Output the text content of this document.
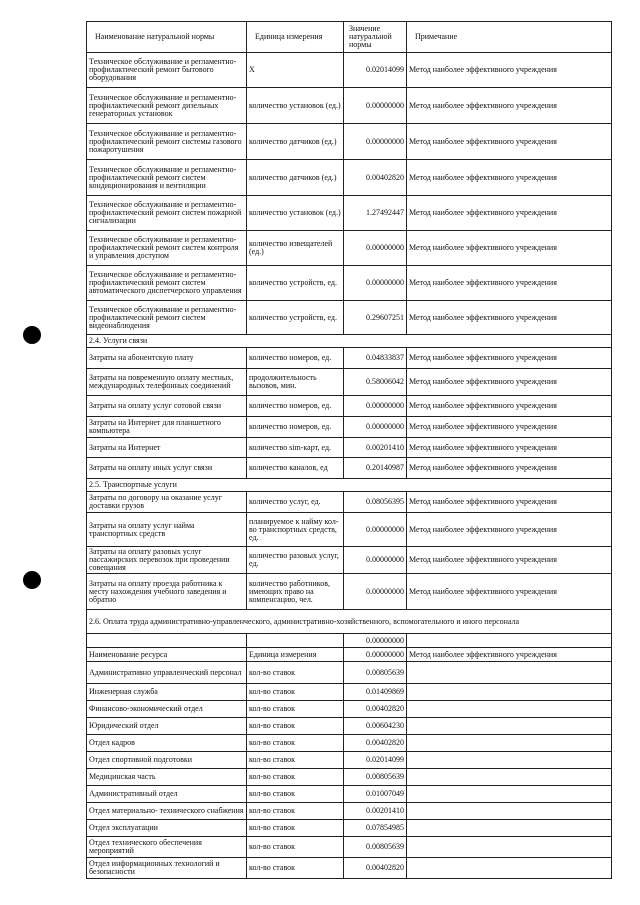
Наименование натуральной нормы	Единица измерения	Значение натуральной нормы	Примечание
Техническое обслуживание и регламентно-профилактический ремонт бытового оборудования	Х	0.02014099	Метод наиболее эффективного учреждения
Техническое обслуживание и регламентно-профилактический ремонт дизельных генераторных установок	количество установок (ед.)	0.00000000	Метод наиболее эффективного учреждения
Техническое обслуживание и регламентно-профилактический ремонт системы газового пожаротушения	количество датчиков (ед.)	0.00000000	Метод наиболее эффективного учреждения
Техническое обслуживание и регламентно-профилактический ремонт систем кондиционирования и вентиляции	количество датчиков (ед.)	0.00402820	Метод наиболее эффективного учреждения
Техническое обслуживание и регламентно-профилактический ремонт систем пожарной сигнализации	количество установок (ед.)	1.27492447	Метод наиболее эффективного учреждения
Техническое обслуживание и регламентно-профилактический ремонт систем контроля и управления доступом	количество извещателей (ед.)	0.00000000	Метод наиболее эффективного учреждения
Техническое обслуживание и регламентно-профилактический ремонт систем автоматического диспетчерского управления	количество устройств, ед.	0.00000000	Метод наиболее эффективного учреждения
Техническое обслуживание и регламентно-профилактический ремонт систем видеонаблюдения	количество устройств, ед.	0.29607251	Метод наиболее эффективного учреждения
2.4. Услуги связи			
Затраты на абонентскую плату	количество номеров, ед.	0.04833837	Метод наиболее эффективного учреждения
Затраты на повременную оплату местных, международных телефонных соединений	продолжительность вызовов, мин.	0.58006042	Метод наиболее эффективного учреждения
Затраты на оплату услуг сотовой связи	количество номеров, ед.	0.00000000	Метод наиболее эффективного учреждения
Затраты на Интернет для планшетного компьютера	количество номеров, ед.	0.00000000	Метод наиболее эффективного учреждения
Затраты на Интернет	количество sim-карт, ед.	0.00201410	Метод наиболее эффективного учреждения
Затраты на оплату иных услуг связи	количество каналов, ед	0.20140987	Метод наиболее эффективного учреждения
2.5. Транспортные услуги			
Затраты по договору на оказание услуг доставки грузов	количество услуг, ед.	0.08056395	Метод наиболее эффективного учреждения
Затраты на оплату услуг найма транспортных средств	планируемое к найму кол-во транспортных средств, ед.	0.00000000	Метод наиболее эффективного учреждения
Затраты на оплату разовых услуг пассажирских перевозок при проведении совещания	количество разовых услуг, ед.	0.00000000	Метод наиболее эффективного учреждения
Затраты на оплату проезда работника к месту нахождения учебного заведения и обратно	количество работников, имеющих право на компенсацию, чел.	0.00000000	Метод наиболее эффективного учреждения
2.6. Оплата труда административно-управленческого, административно-хозяйственного, вспомогательного и иного персонала			
		0.00000000	
Наименование ресурса	Единица измерения	0.00000000	Метод наиболее эффективного учреждения
Административно управленческий персонал	кол-во ставок	0.00805639	
Инженерная служба	кол-во ставок	0.01409869	
Финансово-экономический отдел	кол-во ставок	0.00402820	
Юридический отдел	кол-во ставок	0.00604230	
Отдел кадров	кол-во ставок	0.00402820	
Отдел спортивной подготовки	кол-во ставок	0.02014099	
Медицинская часть	кол-во ставок	0.00805639	
Административный отдел	кол-во ставок	0.01007049	
Отдел материально- технического снабжения	кол-во ставок	0.00201410	
Отдел эксплуатации	кол-во ставок	0.07854985	
Отдел технического обеспечения мероприятий	кол-во ставок	0.00805639	
Отдел информационных технологий и безопасности	кол-во ставок	0.00402820	
